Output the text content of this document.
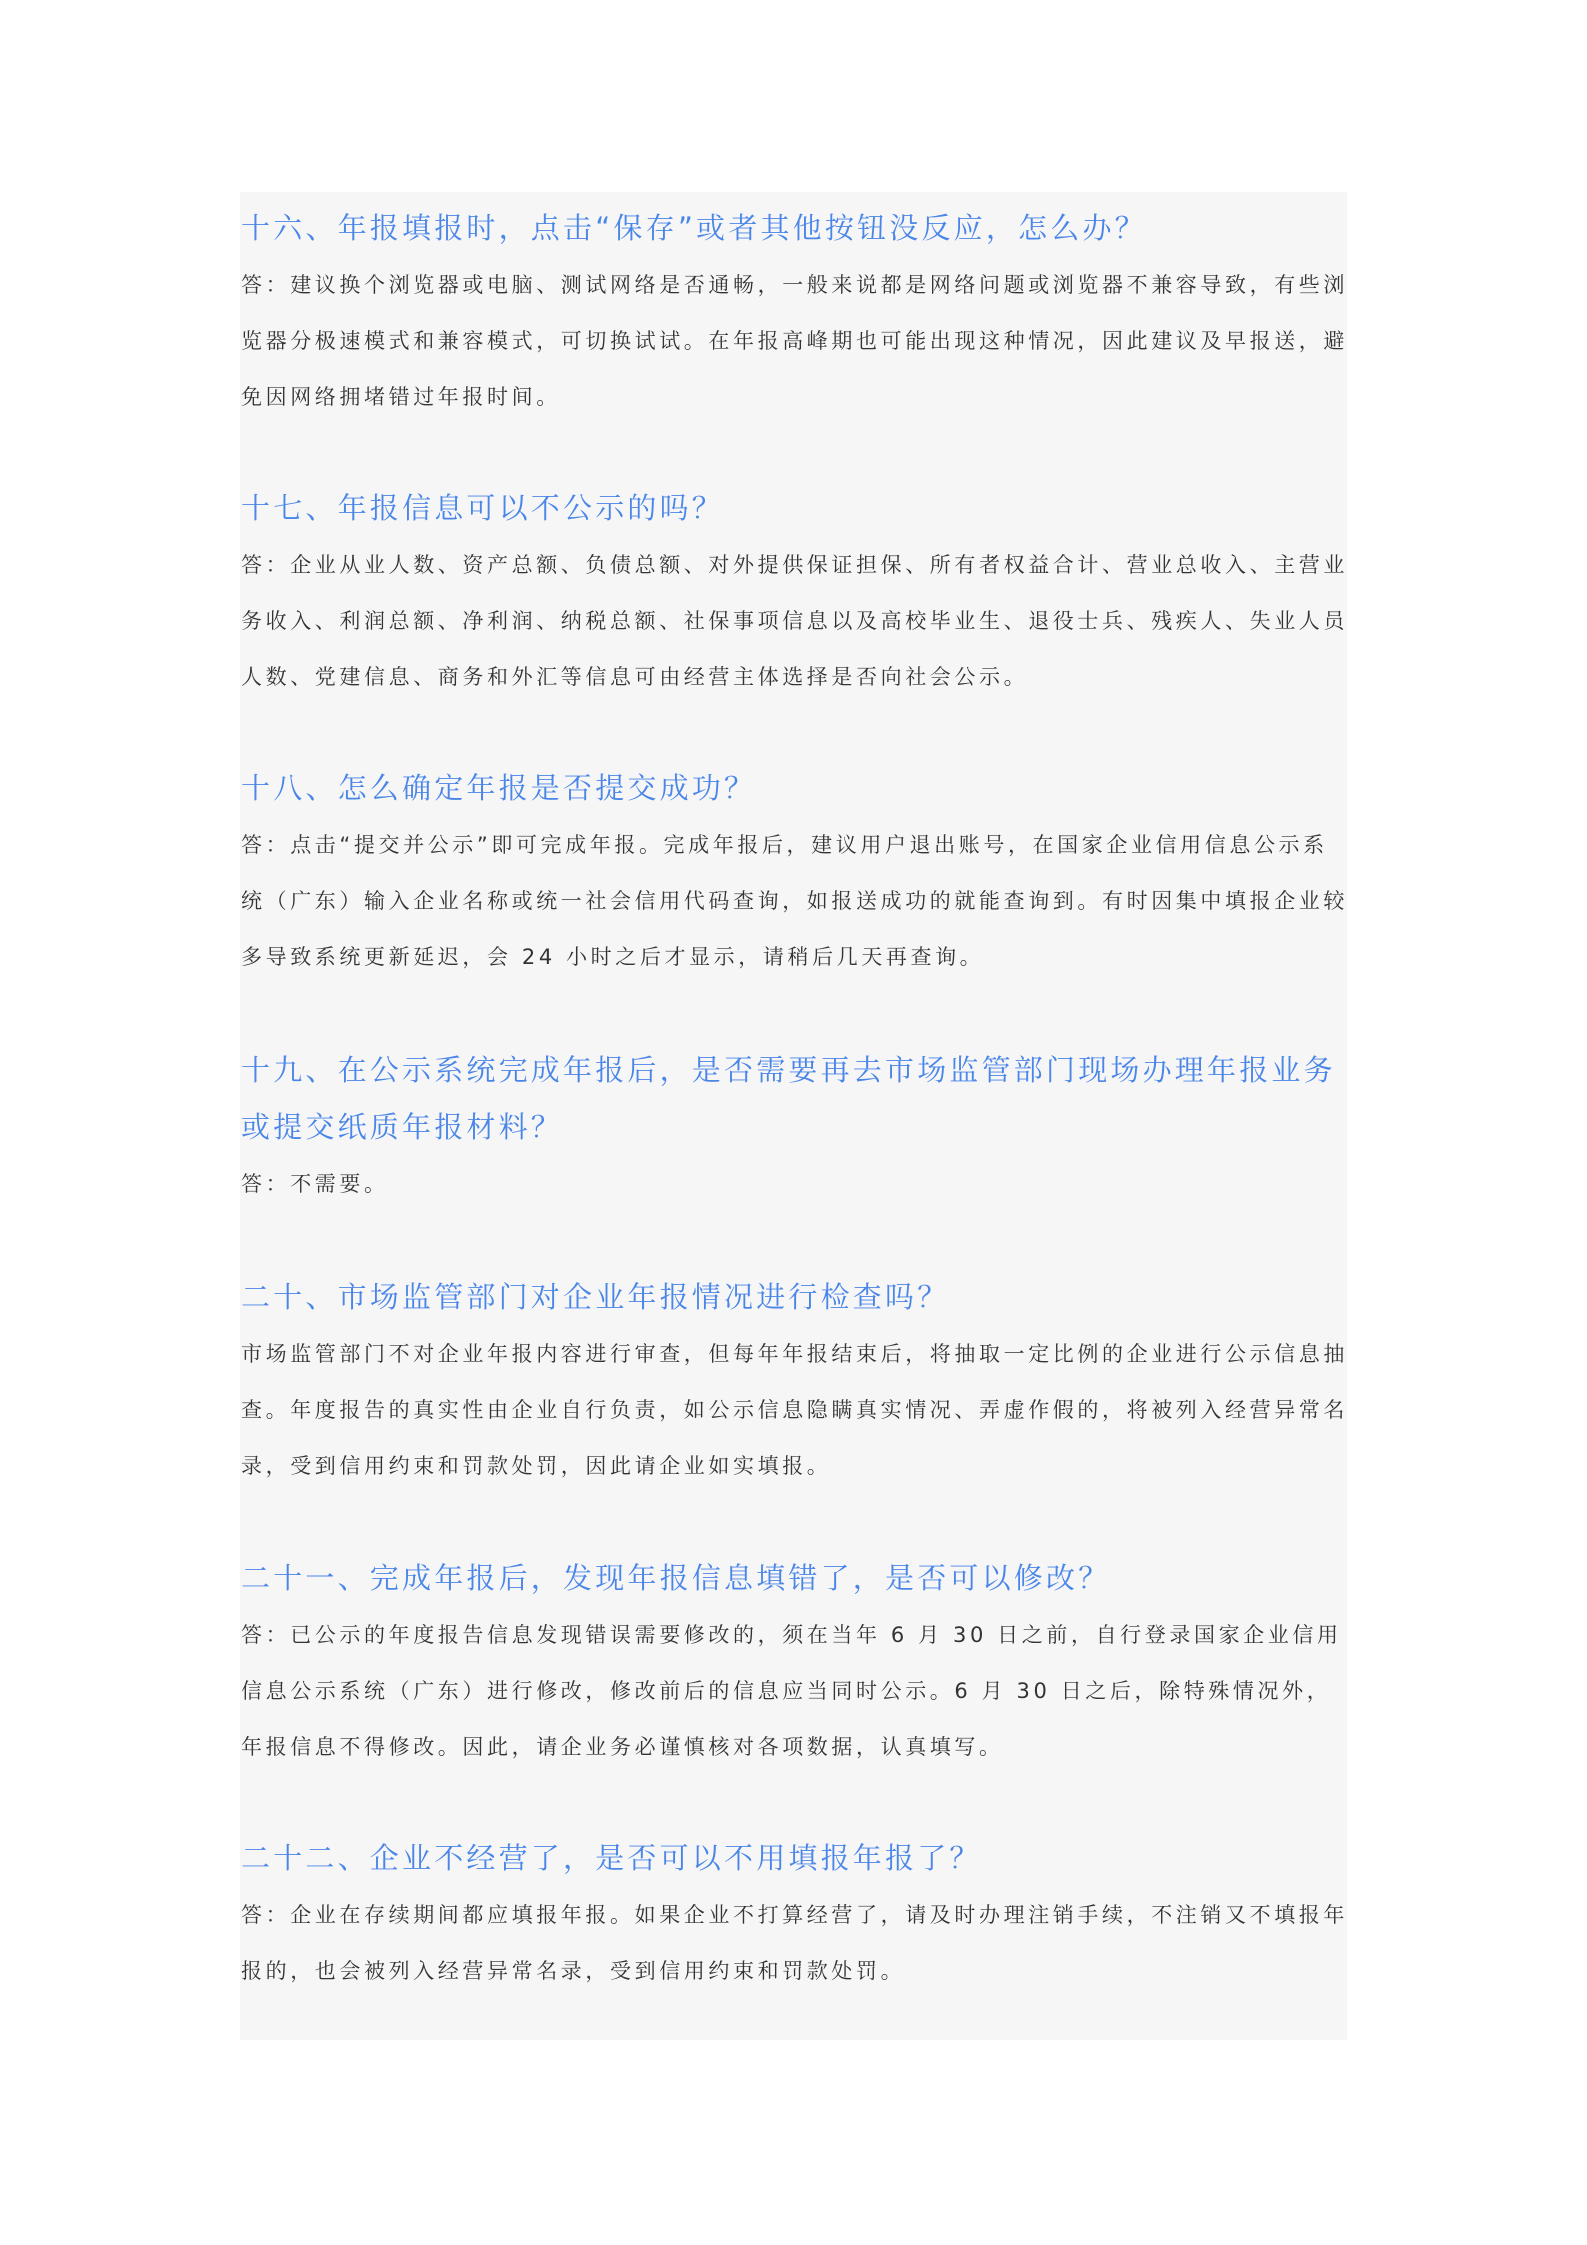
十六、年报填报时，点击“保存”或者其他按钮没反应，怎么办？

答：建议换个浏览器或电脑、测试网络是否通畅，一般来说都是网络问题或浏览器不兼容导致，有些浏览器分极速模式和兼容模式，可切换试试。在年报高峰期也可能出现这种情况，因此建议及早报送，避免因网络拥堵错过年报时间。

十七、年报信息可以不公示的吗？

答：企业从业人数、资产总额、负债总额、对外提供保证担保、所有者权益合计、营业总收入、主营业务收入、利润总额、净利润、纳税总额、社保事项信息以及高校毕业生、退役士兵、残疾人、失业人员人数、党建信息、商务和外汇等信息可由经营主体选择是否向社会公示。

十八、怎么确定年报是否提交成功？

答：点击“提交并公示”即可完成年报。完成年报后，建议用户退出账号，在国家企业信用信息公示系统（广东）输入企业名称或统一社会信用代码查询，如报送成功的就能查询到。有时因集中填报企业较多导致系统更新延迟，会 24 小时之后才显示，请稍后几天再查询。

十九、在公示系统完成年报后，是否需要再去市场监管部门现场办理年报业务或提交纸质年报材料？

答：不需要。

二十、市场监管部门对企业年报情况进行检查吗？

市场监管部门不对企业年报内容进行审查，但每年年报结束后，将抽取一定比例的企业进行公示信息抽查。年度报告的真实性由企业自行负责，如公示信息隐瞒真实情况、弄虚作假的，将被列入经营异常名录，受到信用约束和罚款处罚，因此请企业如实填报。

二十一、完成年报后，发现年报信息填错了，是否可以修改？

答：已公示的年度报告信息发现错误需要修改的，须在当年 6 月 30 日之前，自行登录国家企业信用信息公示系统（广东）进行修改，修改前后的信息应当同时公示。6 月 30 日之后，除特殊情况外，年报信息不得修改。因此，请企业务必谨慎核对各项数据，认真填写。

二十二、企业不经营了，是否可以不用填报年报了？

答：企业在存续期间都应填报年报。如果企业不打算经营了，请及时办理注销手续，不注销又不填报年报的，也会被列入经营异常名录，受到信用约束和罚款处罚。
